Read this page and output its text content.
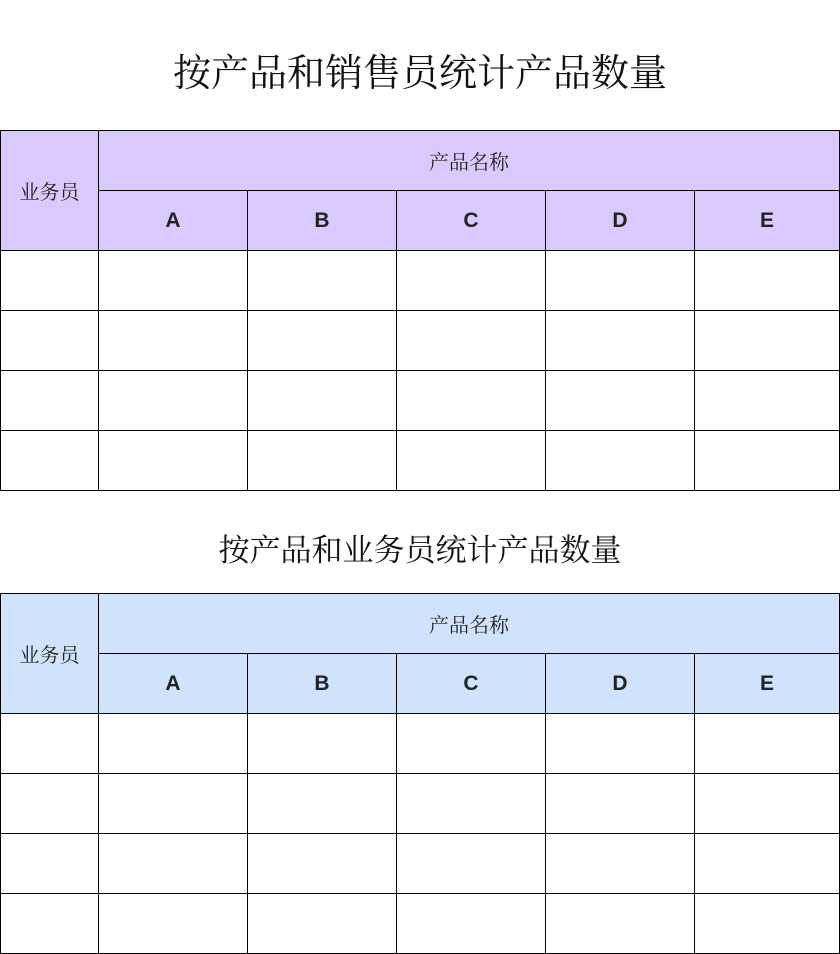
按产品和销售员统计产品数量
业务员	产品名称				
	A	B	C	D	E

按产品和业务员统计产品数量
业务员	产品名称				
	A	B	C	D	E
